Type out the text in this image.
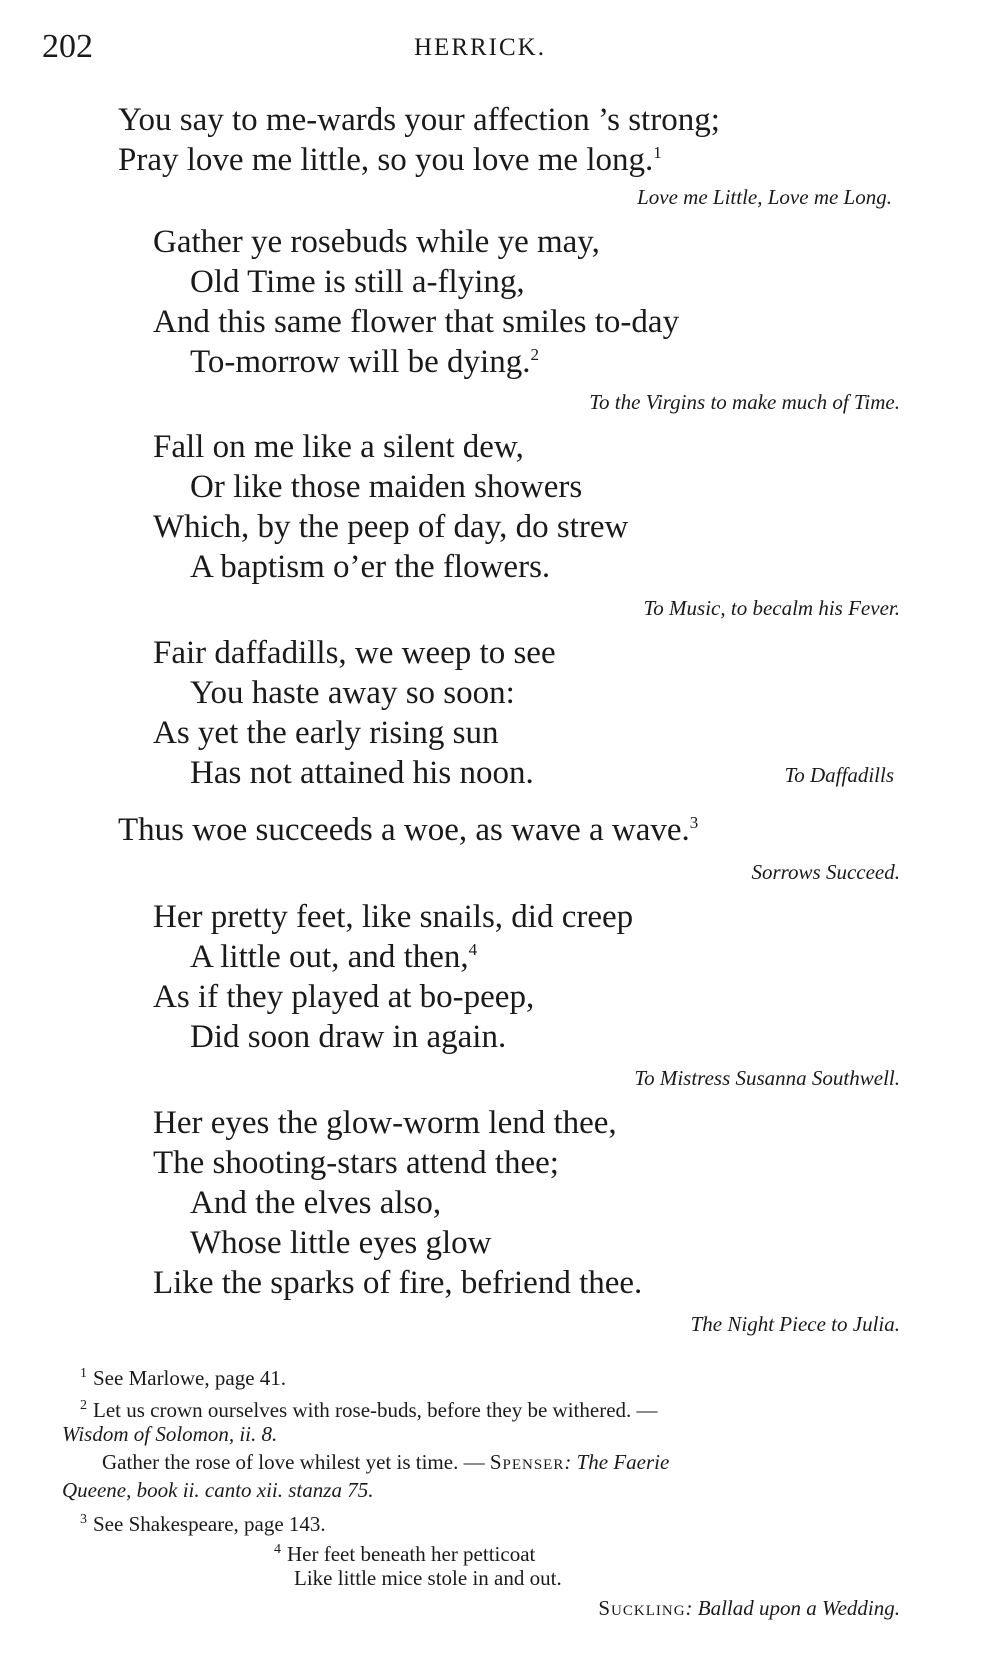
202	HERRICK.
You say to me-wards your affection ’s strong;
Pray love me little, so you love me long.$^1$
Love me Little, Love me Long.
Gather ye rosebuds while ye may,
Old Time is still a-flying,
And this same flower that smiles to-day
To-morrow will be dying.$^2$
To the Virgins to make much of Time.
Fall on me like a silent dew,
Or like those maiden showers
Which, by the peep of day, do strew
A baptism o’er the flowers.
To Music, to becalm his Fever.
Fair daffadills, we weep to see
You haste away so soon:
As yet the early rising sun
Has not attained his noon.	To Daffadills
Thus woe succeeds a woe, as wave a wave.$^3$
Sorrows Succeed.
Her pretty feet, like snails, did creep
A little out, and then,$^4$
As if they played at bo-peep,
Did soon draw in again.
To Mistress Susanna Southwell.
Her eyes the glow-worm lend thee,
The shooting-stars attend thee;
And the elves also,
Whose little eyes glow
Like the sparks of fire, befriend thee.
The Night Piece to Julia.
$^1$ See Marlowe, page 41.
$^2$ Let us crown ourselves with rose-buds, before they be withered. —
Wisdom of Solomon, ii. 8.
Gather the rose of love whilest yet is time. — Spenser: The Faerie
Queene, book ii. canto xii. stanza 75.
$^3$ See Shakespeare, page 143.
$^4$ Her feet beneath her petticoat
Like little mice stole in and out.
Suckling: Ballad upon a Wedding.
